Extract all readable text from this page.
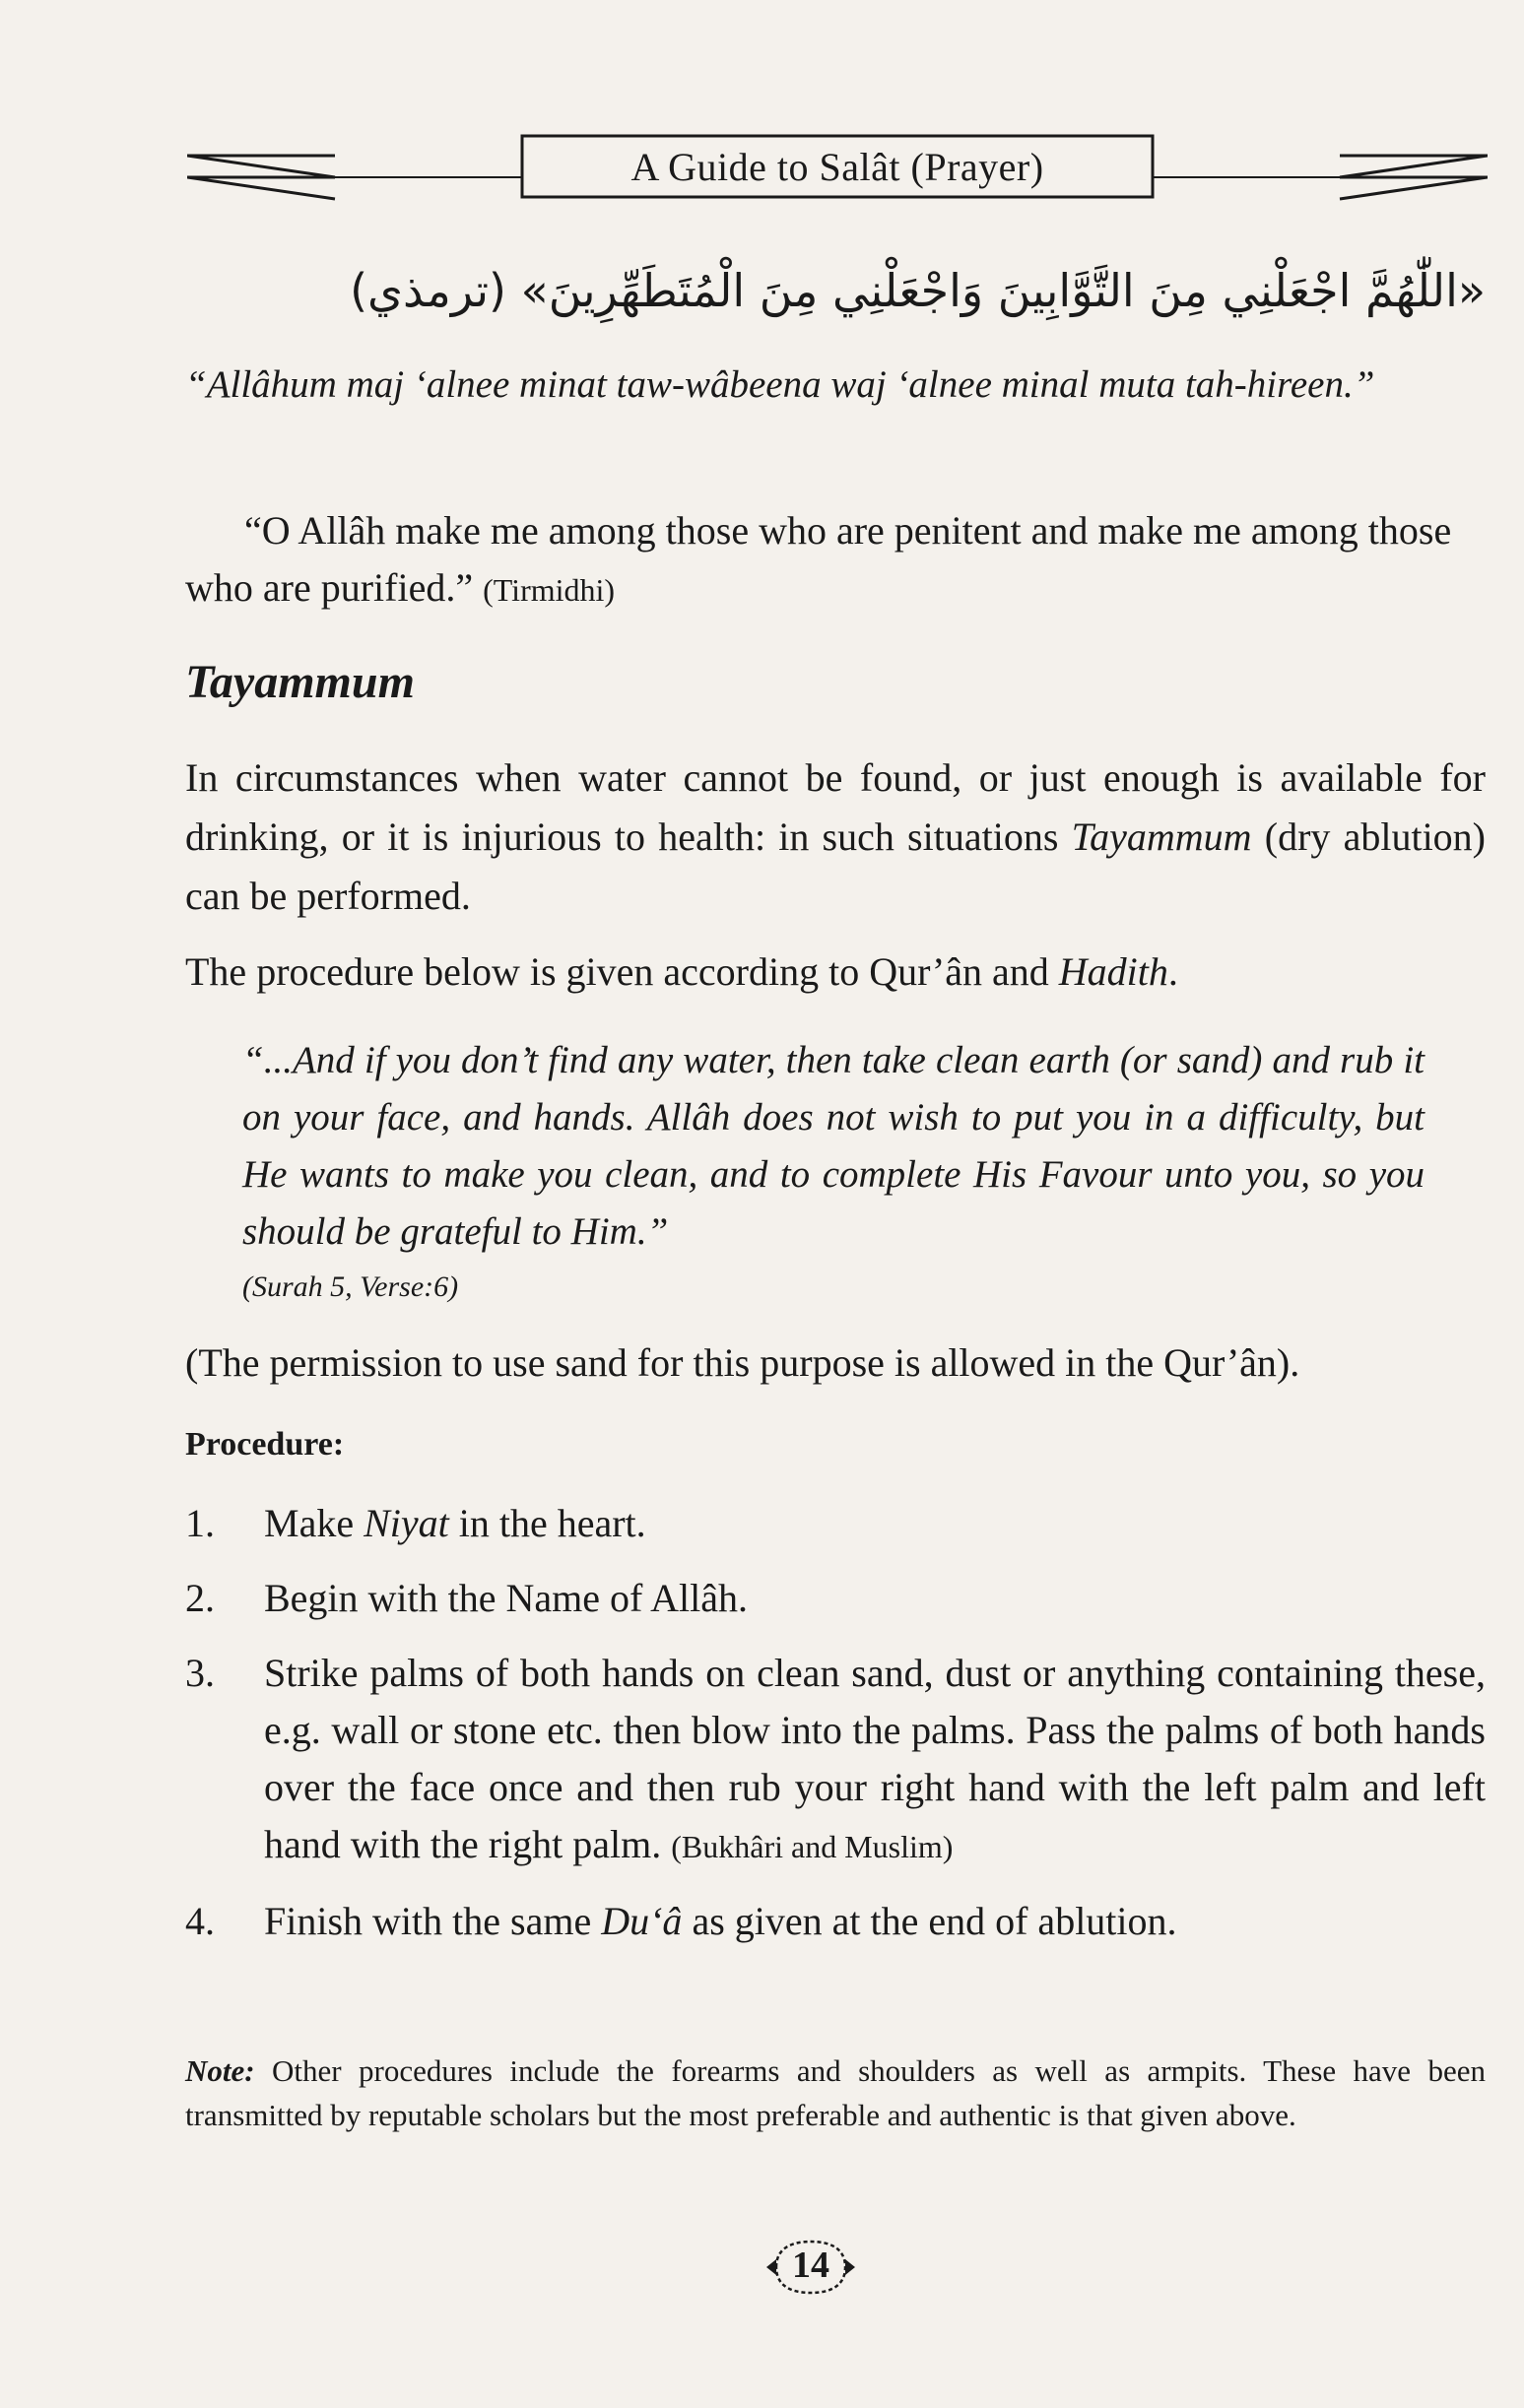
A Guide to Salât (Prayer)
«اللّٰهُمَّ اجْعَلْنِي مِنَ التَّوَّابِينَ وَاجْعَلْنِي مِنَ الْمُتَطَهِّرِينَ» (ترمذي)
“Allâhum maj ‘alnee minat taw-wâbeena waj ‘alnee minal muta tah-hireen.”
“O Allâh make me among those who are penitent and make me among those who are purified.” (Tirmidhi)
Tayammum
In circumstances when water cannot be found, or just enough is available for drinking, or it is injurious to health: in such situations Tayammum (dry ablution) can be performed.
The procedure below is given according to Qur’ân and Hadith.
“...And if you don’t find any water, then take clean earth (or sand) and rub it on your face, and hands. Allâh does not wish to put you in a difficulty, but He wants to make you clean, and to complete His Favour unto you, so you should be grateful to Him.”
(Surah 5, Verse:6)
(The permission to use sand for this purpose is allowed in the Qur’ân).
Procedure:
1. Make Niyat in the heart.
2. Begin with the Name of Allâh.
3. Strike palms of both hands on clean sand, dust or anything containing these, e.g. wall or stone etc. then blow into the palms. Pass the palms of both hands over the face once and then rub your right hand with the left palm and left hand with the right palm. (Bukhâri and Muslim)
4. Finish with the same Du‘â as given at the end of ablution.
Note: Other procedures include the forearms and shoulders as well as armpits. These have been transmitted by reputable scholars but the most preferable and authentic is that given above.
14
